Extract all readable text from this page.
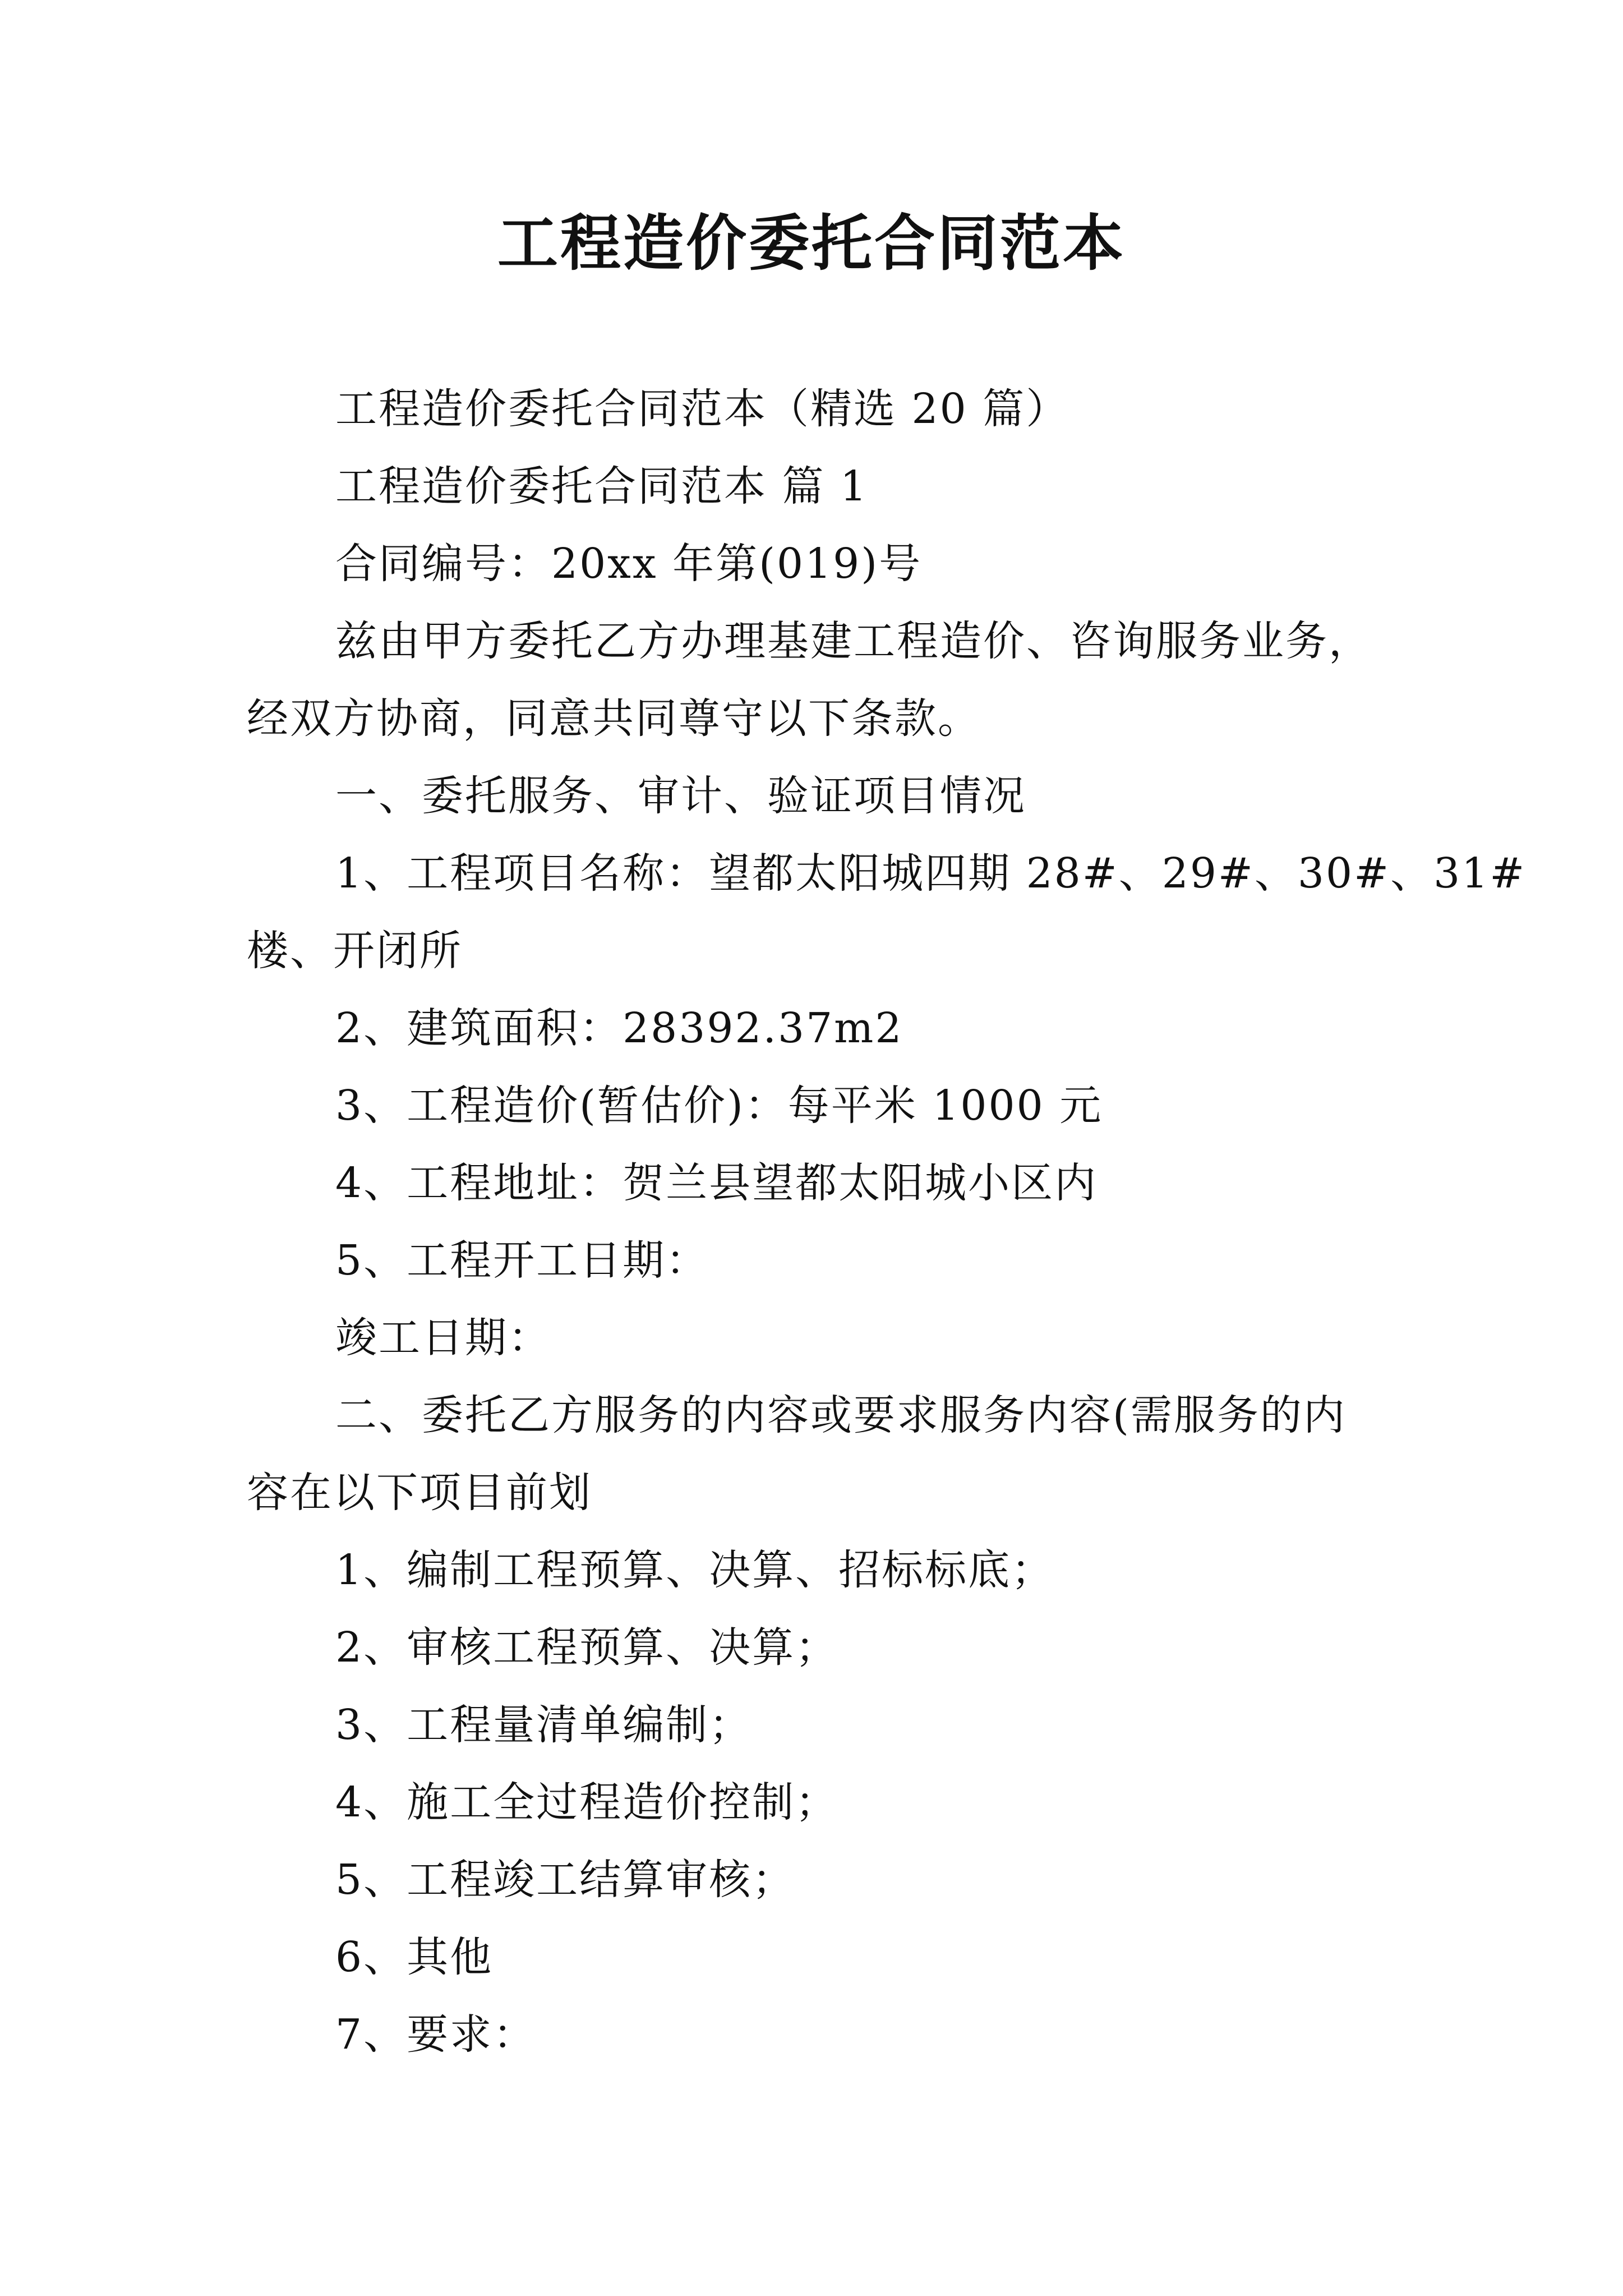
工程造价委托合同范本

工程造价委托合同范本（精选 20 篇）

工程造价委托合同范本 篇 1

合同编号：20xx 年第(019)号

兹由甲方委托乙方办理基建工程造价、咨询服务业务，

经双方协商，同意共同尊守以下条款。

一、委托服务、审计、验证项目情况

1、工程项目名称：望都太阳城四期 28#、29#、30#、31#

楼、开闭所

2、建筑面积：28392.37m2

3、工程造价(暂估价)：每平米 1000 元

4、工程地址：贺兰县望都太阳城小区内

5、工程开工日期：

竣工日期：

二、委托乙方服务的内容或要求服务内容(需服务的内

容在以下项目前划

1、编制工程预算、决算、招标标底；

2、审核工程预算、决算；

3、工程量清单编制；

4、施工全过程造价控制；

5、工程竣工结算审核；

6、其他

7、要求：
